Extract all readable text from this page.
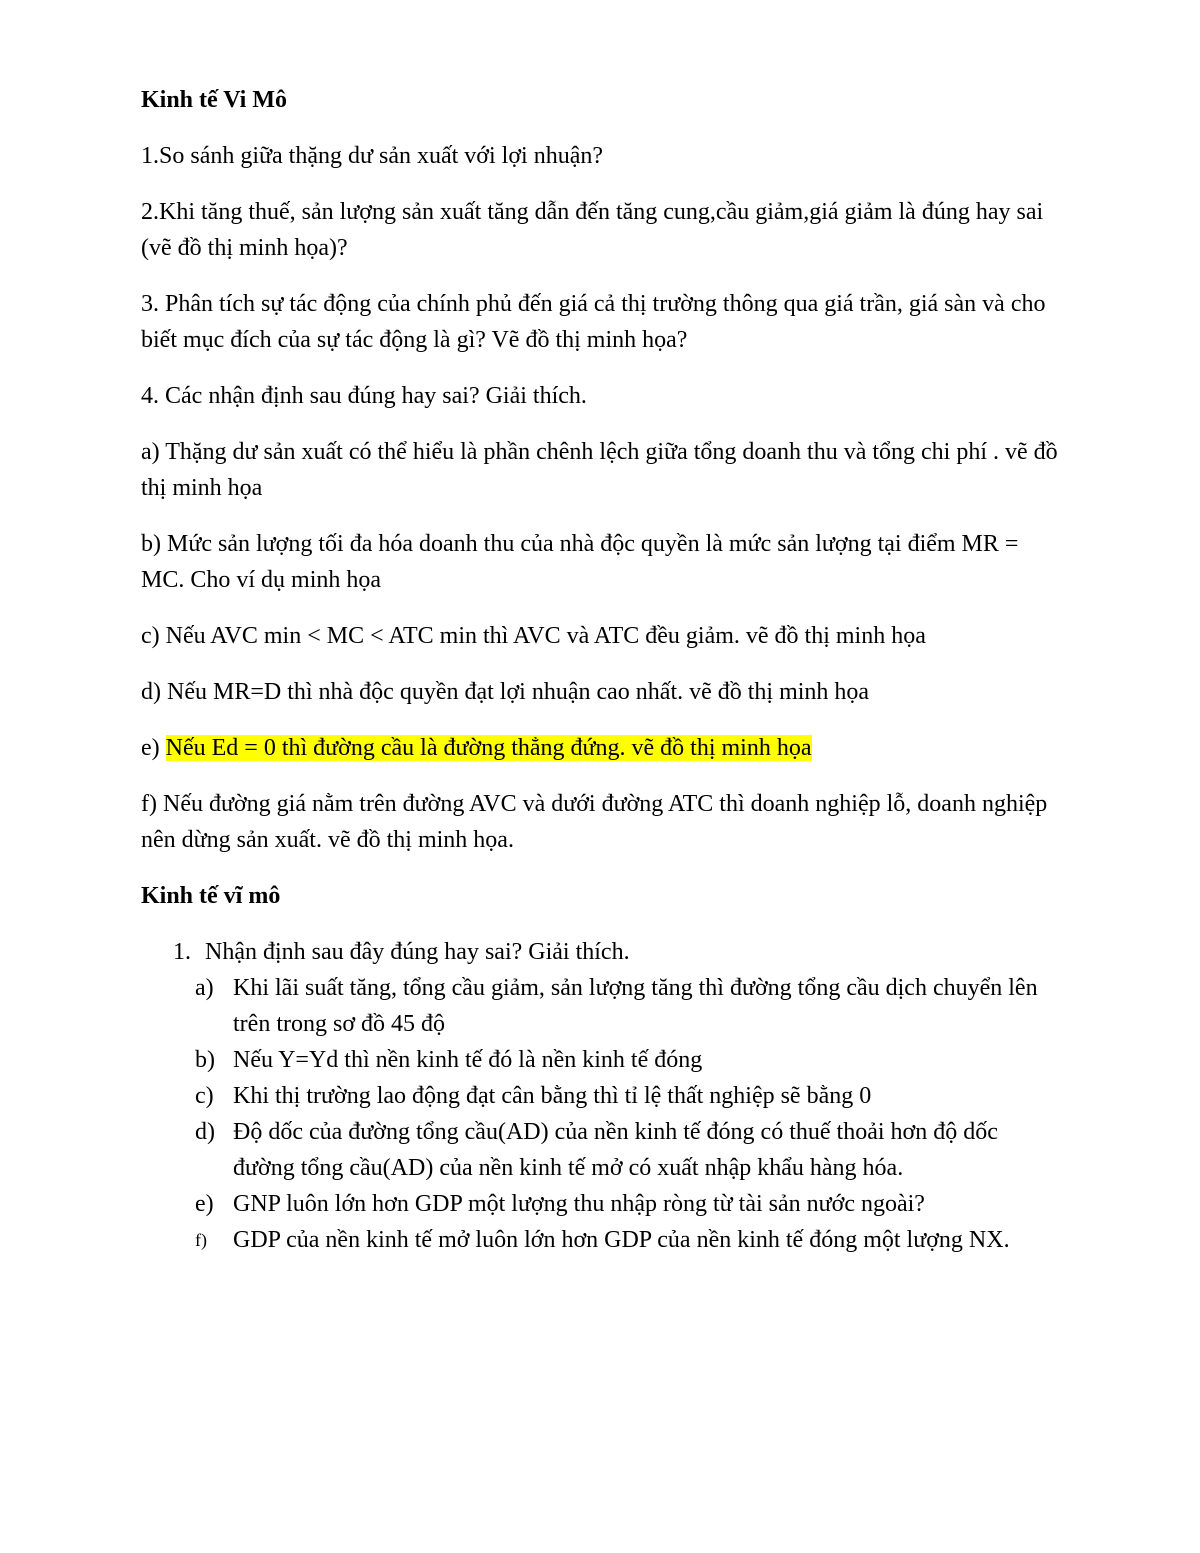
Kinh tế Vi Mô
1.So sánh giữa thặng dư sản xuất với lợi nhuận?
2.Khi tăng thuế, sản lượng sản xuất tăng dẫn đến tăng cung,cầu giảm,giá giảm là đúng hay sai (vẽ đồ thị minh họa)?
3. Phân tích sự tác động của chính phủ đến giá cả thị trường thông qua giá trần, giá sàn và cho biết mục đích của sự tác động là gì? Vẽ đồ thị minh họa?
4. Các nhận định sau đúng hay sai? Giải thích.
a) Thặng dư sản xuất có thể hiểu là phần chênh lệch giữa tổng doanh thu và tổng chi phí . vẽ đồ thị minh họa
b) Mức sản lượng tối đa hóa doanh thu của nhà độc quyền là mức sản lượng tại điểm MR = MC. Cho ví dụ minh họa
c) Nếu AVC min < MC < ATC min thì AVC và ATC đều giảm. vẽ đồ thị minh họa
d) Nếu MR=D thì nhà độc quyền đạt lợi nhuận cao nhất. vẽ đồ thị minh họa
e) Nếu Ed = 0 thì đường cầu là đường thẳng đứng. vẽ đồ thị minh họa
f) Nếu đường giá nằm trên đường AVC và dưới đường ATC thì doanh nghiệp lỗ, doanh nghiệp nên dừng sản xuất. vẽ đồ thị minh họa.
Kinh tế vĩ mô
1. Nhận định sau đây đúng hay sai? Giải thích.
a) Khi lãi suất tăng, tổng cầu giảm, sản lượng tăng thì đường tổng cầu dịch chuyển lên trên trong sơ đồ 45 độ
b) Nếu Y=Yd thì nền kinh tế đó là nền kinh tế đóng
c) Khi thị trường lao động đạt cân bằng thì tỉ lệ thất nghiệp sẽ bằng 0
d) Độ dốc của đường tổng cầu(AD) của nền kinh tế đóng có thuế thoải hơn độ dốc đường tổng cầu(AD) của nền kinh tế mở có xuất nhập khẩu hàng hóa.
e) GNP luôn lớn hơn GDP một lượng thu nhập ròng từ tài sản nước ngoài?
f)	GDP của nền kinh tế mở luôn lớn hơn GDP của nền kinh tế đóng một lượng NX.
